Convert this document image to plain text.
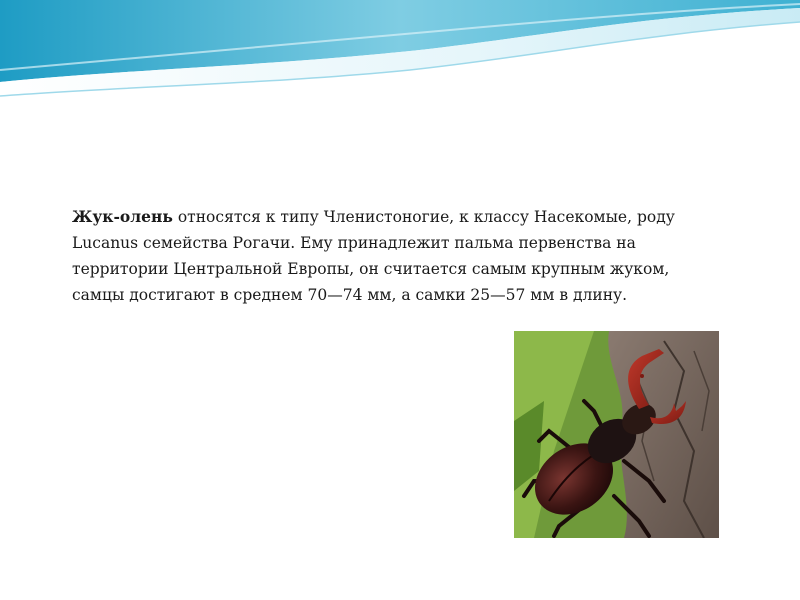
Жук-олень относятся к типу Членистоногие, к классу Насекомые, роду Lucanus семейства Рогачи. Ему принадлежит пальма первенства на территории Центральной Европы, он считается самым крупным жуком, самцы достигают в среднем 70—74 мм, а самки 25—57 мм в длину.
